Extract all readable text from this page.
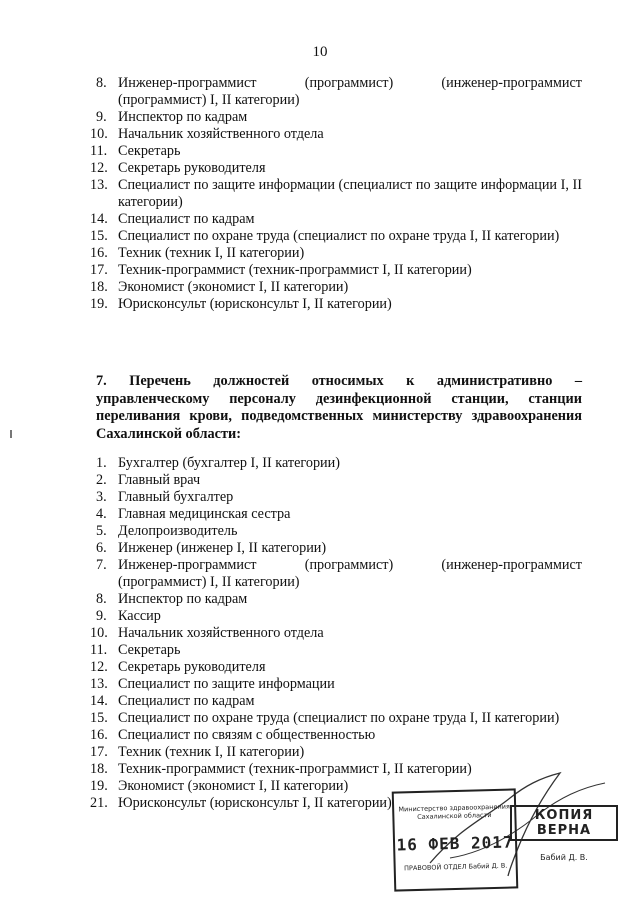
10
8. Инженер-программист (программист) (инженер-программист (программист) I, II категории)
9. Инспектор по кадрам
10. Начальник хозяйственного отдела
11. Секретарь
12. Секретарь руководителя
13. Специалист по защите информации (специалист по защите информации I, II категории)
14. Специалист по кадрам
15. Специалист по охране труда (специалист по охране труда I, II категории)
16. Техник (техник I, II категории)
17. Техник-программист (техник-программист I, II категории)
18. Экономист (экономист I, II категории)
19. Юрисконсульт (юрисконсульт I, II категории)

7. Перечень должностей относимых к административно – управленческому персоналу дезинфекционной станции, станции переливания крови, подведомственных министерству здравоохранения Сахалинской области:

1. Бухгалтер (бухгалтер I, II категории)
2. Главный врач
3. Главный бухгалтер
4. Главная медицинская сестра
5. Делопроизводитель
6. Инженер (инженер I, II категории)
7. Инженер-программист (программист) (инженер-программист (программист) I, II категории)
8. Инспектор по кадрам
9. Кассир
10. Начальник хозяйственного отдела
11. Секретарь
12. Секретарь руководителя
13. Специалист по защите информации
14. Специалист по кадрам
15. Специалист по охране труда (специалист по охране труда I, II категории)
16. Специалист по связям с общественностью
17. Техник (техник I, II категории)
18. Техник-программист (техник-программист I, II категории)
19. Экономист (экономист I, II категории)
21. Юрисконсульт (юрисконсульт I, II категории)	Министерство здравоохранения Сахалинской области
16 ФЕВ 2017
ПРАВОВОЙ ОТДЕЛ Бабий Д. В.
КОПИЯ ВЕРНА
Бабий Д. В.
